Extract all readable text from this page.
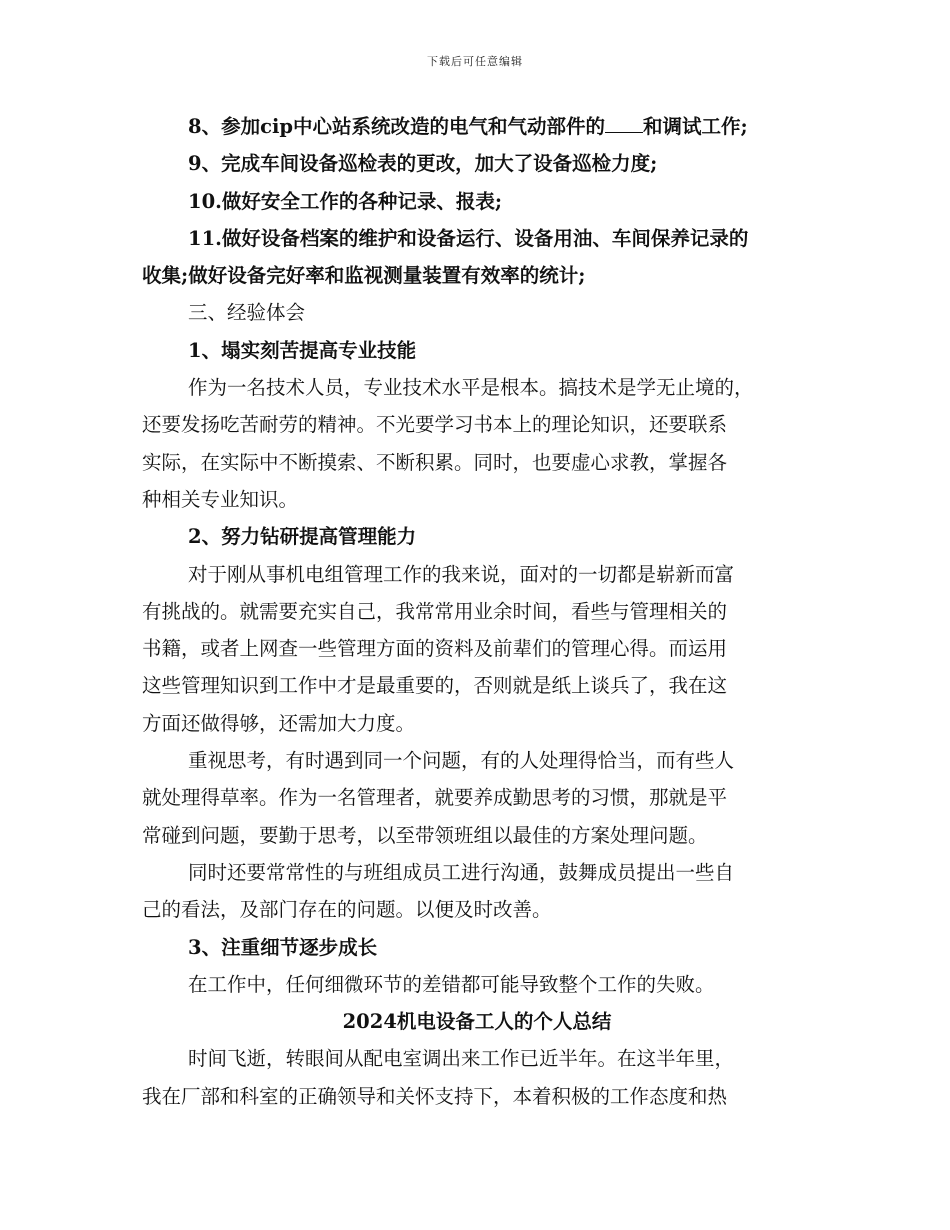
下载后可任意编辑
8、参加cip中心站系统改造的电气和气动部件的 和调试工作;
9、完成车间设备巡检表的更改，加大了设备巡检力度;
10.做好安全工作的各种记录、报表;
11.做好设备档案的维护和设备运行、设备用油、车间保养记录的
收集;做好设备完好率和监视测量装置有效率的统计;
三、经验体会
1、塌实刻苦提高专业技能
作为一名技术人员，专业技术水平是根本。搞技术是学无止境的，
还要发扬吃苦耐劳的精神。不光要学习书本上的理论知识，还要联系
实际，在实际中不断摸索、不断积累。同时，也要虚心求教，掌握各
种相关专业知识。
2、努力钻研提高管理能力
对于刚从事机电组管理工作的我来说，面对的一切都是崭新而富
有挑战的。就需要充实自己，我常常用业余时间，看些与管理相关的
书籍，或者上网查一些管理方面的资料及前辈们的管理心得。而运用
这些管理知识到工作中才是最重要的，否则就是纸上谈兵了，我在这
方面还做得够，还需加大力度。
重视思考，有时遇到同一个问题，有的人处理得恰当，而有些人
就处理得草率。作为一名管理者，就要养成勤思考的习惯，那就是平
常碰到问题，要勤于思考，以至带领班组以最佳的方案处理问题。
同时还要常常性的与班组成员工进行沟通，鼓舞成员提出一些自
己的看法，及部门存在的问题。以便及时改善。
3、注重细节逐步成长
在工作中，任何细微环节的差错都可能导致整个工作的失败。
2024机电设备工人的个人总结
时间飞逝，转眼间从配电室调出来工作已近半年。在这半年里，
我在厂部和科室的正确领导和关怀支持下，本着积极的工作态度和热
